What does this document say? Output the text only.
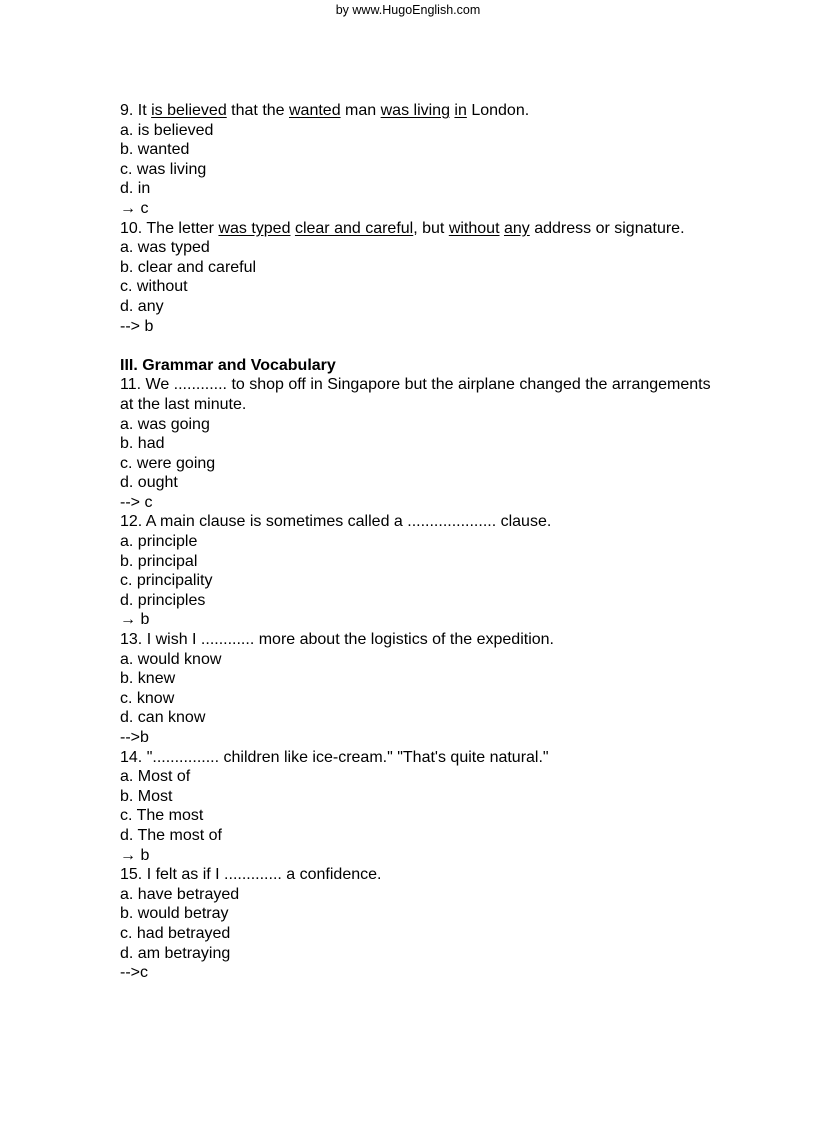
by www.HugoEnglish.com
9. It is believed that the wanted man was living in London.
a. is believed
b. wanted
c. was living
d. in
→ c
10. The letter was typed clear and careful, but without any address or signature.
a. was typed
b. clear and careful
c. without
d. any
--> b
III. Grammar and Vocabulary
11. We ............ to shop off in Singapore but the airplane changed the arrangements at the last minute.
a. was going
b. had
c. were going
d. ought
--> c
12. A main clause is sometimes called a .................... clause.
a. principle
b. principal
c. principality
d. principles
→ b
13. I wish I ............ more about the logistics of the expedition.
a. would know
b. knew
c. know
d. can know
-->b
14. "............... children like ice-cream." "That's quite natural."
a. Most of
b. Most
c. The most
d. The most of
→ b
15. I felt as if I ............. a confidence.
a. have betrayed
b. would betray
c. had betrayed
d. am betraying
-->c
